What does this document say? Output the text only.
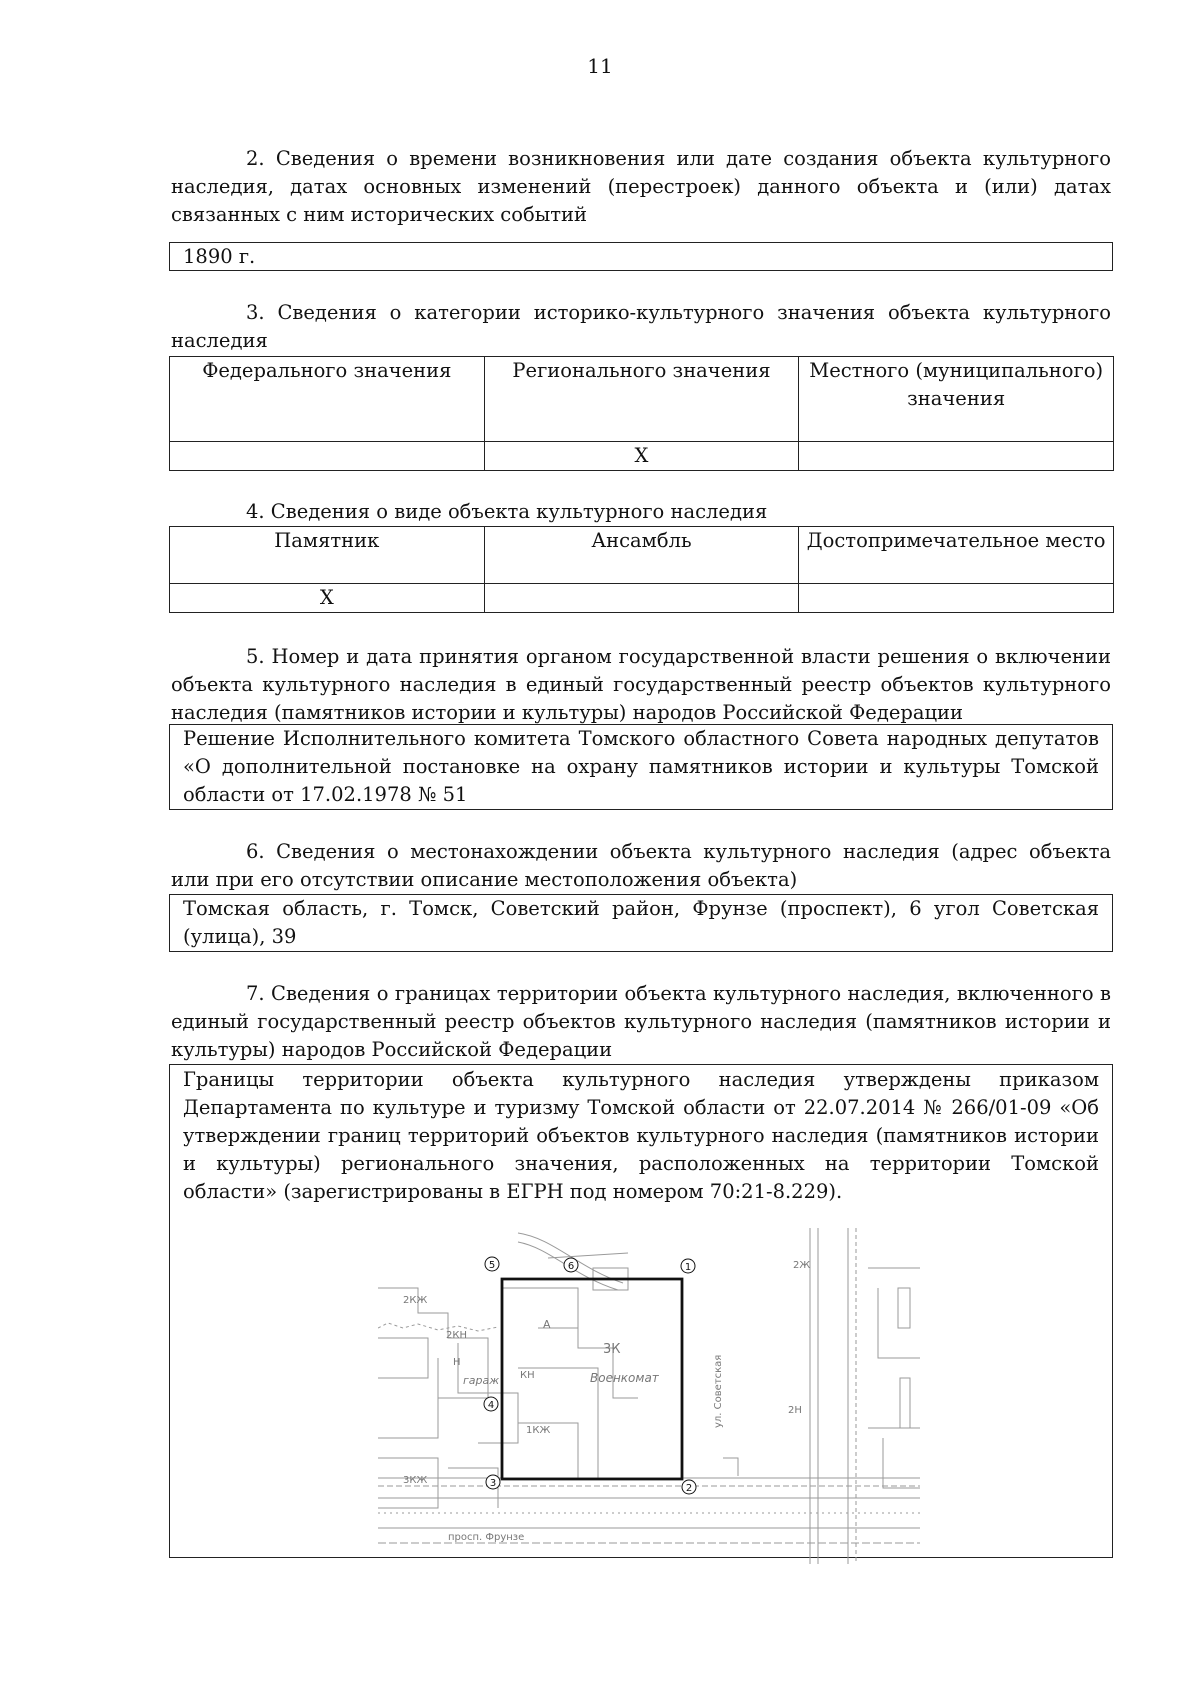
11

2. Сведения о времени возникновения или дате создания объекта культурного наследия, датах основных изменений (перестроек) данного объекта и (или) датах связанных с ним исторических событий

1890 г.

3. Сведения о категории историко-культурного значения объекта культурного наследия

Федерального значения	Регионального значения	Местного (муниципального) значения
	X	

4. Сведения о виде объекта культурного наследия

Памятник	Ансамбль	Достопримечательное место
X		

5. Номер и дата принятия органом государственной власти решения о включении объекта культурного наследия в единый государственный реестр объектов культурного наследия (памятников истории и культуры) народов Российской Федерации

Решение Исполнительного комитета Томского областного Совета народных депутатов «О дополнительной постановке на охрану памятников истории и культуры Томской области от 17.02.1978 № 51

6. Сведения о местонахождении объекта культурного наследия (адрес объекта или при его отсутствии описание местоположения объекта)

Томская область, г. Томск, Советский район, Фрунзе (проспект), 6 угол Советская (улица), 39

7. Сведения о границах территории объекта культурного наследия, включенного в единый государственный реестр объектов культурного наследия (памятников истории и культуры) народов Российской Федерации

Границы территории объекта культурного наследия утверждены приказом Департамента по культуре и туризму Томской области от 22.07.2014 № 266/01-09 «Об утверждении границ территорий объектов культурного наследия (памятников истории и культуры) регионального значения, расположенных на территории Томской области» (зарегистрированы в ЕГРН под номером 70:21-8.229).
3К
Военкомат
1КЖ
КН
2КН
2КЖ
3КЖ
Н
гараж
А
2Ж
2Н
ул. Советская
просп. Фрунзе
1
2
3
4
5	6
